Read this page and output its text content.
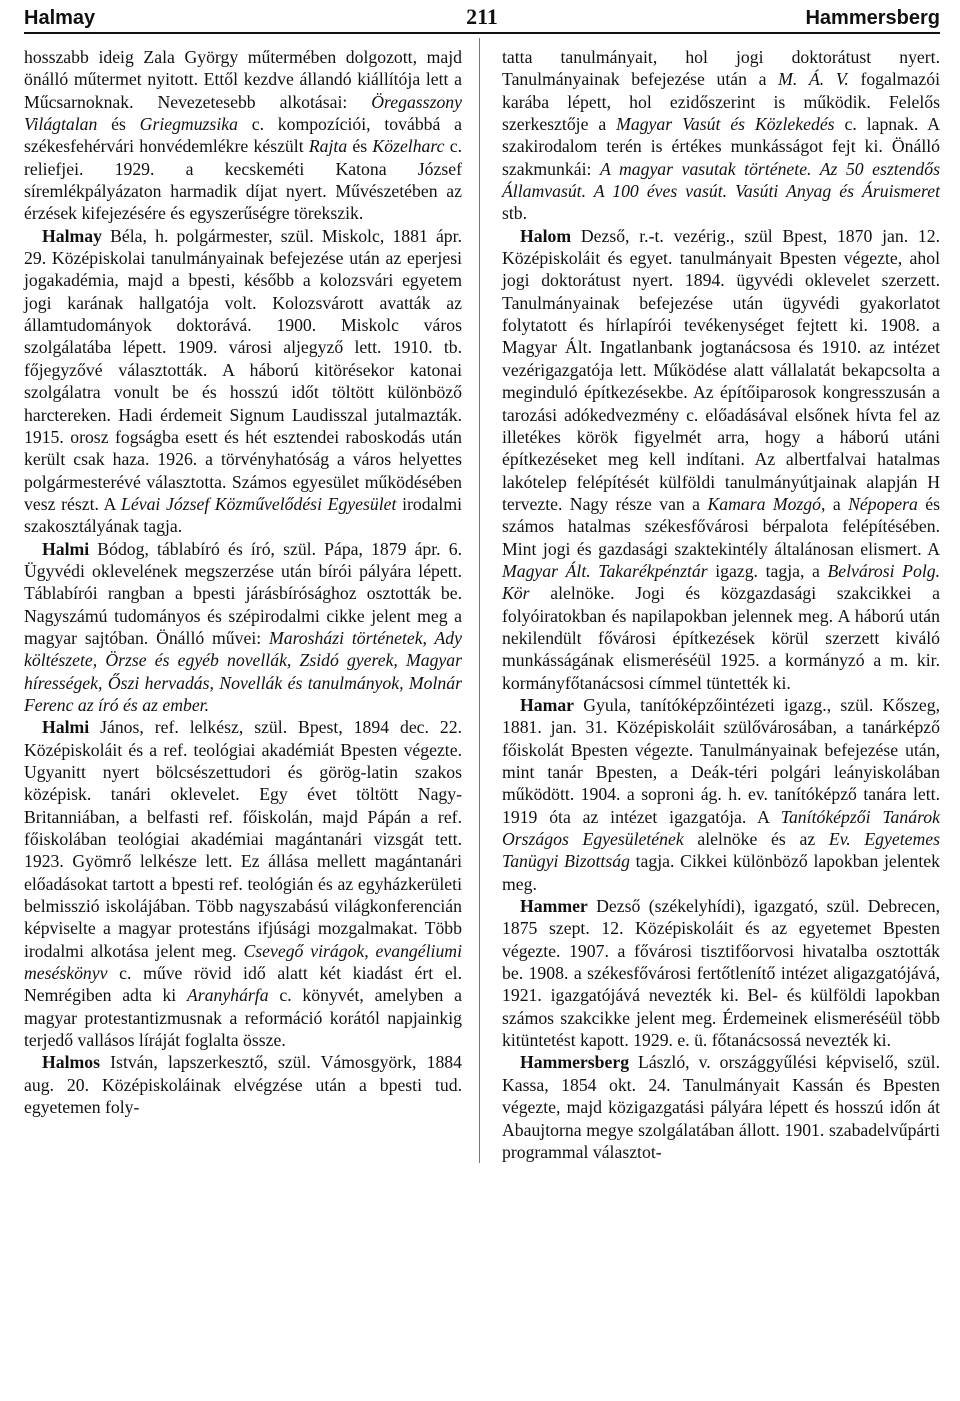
Halmay	211	Hammersberg

hosszabb ideig Zala György műtermében dolgozott, majd önálló műtermet nyitott. Ettől kezdve állandó kiállítója lett a Műcsarnoknak. Nevezetesebb alkotásai: Öregasszony Világtalan és Griegmuzsika c. kompozíciói, továbbá a székesfehérvári honvédemlékre készült Rajta és Közelharc c. reliefjei. 1929. a kecskeméti Katona József síremlékpályázaton harmadik díjat nyert. Művészetében az érzések kifejezésére és egyszerűségre törekszik.

Halmay Béla, h. polgármester, szül. Miskolc, 1881 ápr. 29. Középiskolai tanulmányainak befejezése után az eperjesi jogakadémia, majd a bpesti, később a kolozsvári egyetem jogi karának hallgatója volt. Kolozsvárott avatták az államtudományok doktorává. 1900. Miskolc város szolgálatába lépett. 1909. városi aljegyző lett. 1910. tb. főjegyzővé választották. A háború kitörésekor katonai szolgálatra vonult be és hosszú időt töltött különböző harctereken. Hadi érdemeit Signum Laudisszal jutalmazták. 1915. orosz fogságba esett és hét esztendei raboskodás után került csak haza. 1926. a törvényhatóság a város helyettes polgármesterévé választotta. Számos egyesület működésében vesz részt. A Lévai József Közművelődési Egyesület irodalmi szakosztályának tagja.

Halmi Bódog, táblabíró és író, szül. Pápa, 1879 ápr. 6. Ügyvédi oklevelének megszerzése után bírói pályára lépett. Táblabírói rangban a bpesti járásbírósághoz osztották be. Nagyszámú tudományos és szépirodalmi cikke jelent meg a magyar sajtóban. Önálló művei: Marosházi történetek, Ady költészete, Örzse és egyéb novellák, Zsidó gyerek, Magyar hírességek, Őszi hervadás, Novellák és tanulmányok, Molnár Ferenc az író és az ember.

Halmi János, ref. lelkész, szül. Bpest, 1894 dec. 22. Középiskoláit és a ref. teológiai akadémiát Bpesten végezte. Ugyanitt nyert bölcsészettudori és görög-latin szakos középisk. tanári oklevelet. Egy évet töltött Nagy-Britanniában, a belfasti ref. főiskolán, majd Pápán a ref. főiskolában teológiai akadémiai magántanári vizsgát tett. 1923. Gyömrő lelkésze lett. Ez állása mellett magántanári előadásokat tartott a bpesti ref. teológián és az egyházkerületi belmisszió iskolájában. Több nagyszabású világkonferencián képviselte a magyar protestáns ifjúsági mozgalmakat. Több irodalmi alkotása jelent meg. Csevegő virágok, evangéliumi meséskönyv c. műve rövid idő alatt két kiadást ért el. Nemrégiben adta ki Aranyhárfa c. könyvét, amelyben a magyar protestantizmusnak a reformáció korától napjainkig terjedő vallásos líráját foglalta össze.

Halmos István, lapszerkesztő, szül. Vámosgyörk, 1884 aug. 20. Középiskoláinak elvégzése után a bpesti tud. egyetemen foly-

tatta tanulmányait, hol jogi doktorátust nyert. Tanulmányainak befejezése után a M. Á. V. fogalmazói karába lépett, hol ezidőszerint is működik. Felelős szerkesztője a Magyar Vasút és Közlekedés c. lapnak. A szakirodalom terén is értékes munkásságot fejt ki. Önálló szakmunkái: A magyar vasutak története. Az 50 esztendős Államvasút. A 100 éves vasút. Vasúti Anyag és Áruismeret stb.

Halom Dezső, r.-t. vezérig., szül Bpest, 1870 jan. 12. Középiskoláit és egyet. tanulmányait Bpesten végezte, ahol jogi doktorátust nyert. 1894. ügyvédi oklevelet szerzett. Tanulmányainak befejezése után ügyvédi gyakorlatot folytatott és hírlapírói tevékenységet fejtett ki. 1908. a Magyar Ált. Ingatlanbank jogtanácsosa és 1910. az intézet vezérigazgatója lett. Működése alatt vállalatát bekapcsolta a meginduló építkezésekbe. Az építőiparosok kongresszusán a tarozási adókedvezmény c. előadásával elsőnek hívta fel az illetékes körök figyelmét arra, hogy a háború utáni építkezéseket meg kell indítani. Az albertfalvai hatalmas lakótelep felépítését külföldi tanulmányútjainak alapján H tervezte. Nagy része van a Kamara Mozgó, a Népopera és számos hatalmas székesfővárosi bérpalota felépítésében. Mint jogi és gazdasági szaktekintély általánosan elismert. A Magyar Ált. Takarékpénztár igazg. tagja, a Belvárosi Polg. Kör alelnöke. Jogi és közgazdasági szakcikkei a folyóiratokban és napilapokban jelennek meg. A háború után nekilendült fővárosi építkezések körül szerzett kiváló munkásságának elismeréséül 1925. a kormányzó a m. kir. kormányfőtanácsosi címmel tüntették ki.

Hamar Gyula, tanítóképzőintézeti igazg., szül. Kőszeg, 1881. jan. 31. Középiskoláit szülővárosában, a tanárképző főiskolát Bpesten végezte. Tanulmányainak befejezése után, mint tanár Bpesten, a Deák-téri polgári leányiskolában működött. 1904. a soproni ág. h. ev. tanítóképző tanára lett. 1919 óta az intézet igazgatója. A Tanítóképzői Tanárok Országos Egyesületének alelnöke és az Ev. Egyetemes Tanügyi Bizottság tagja. Cikkei különböző lapokban jelentek meg.

Hammer Dezső (székelyhídi), igazgató, szül. Debrecen, 1875 szept. 12. Középiskoláit és az egyetemet Bpesten végezte. 1907. a fővárosi tisztifőorvosi hivatalba osztották be. 1908. a székesfővárosi fertőtlenítő intézet aligazgatójává, 1921. igazgatójává nevezték ki. Bel- és külföldi lapokban számos szakcikke jelent meg. Érdemeinek elismeréséül több kitüntetést kapott. 1929. e. ü. főtanácsossá nevezték ki.

Hammersberg László, v. országgyűlési képviselő, szül. Kassa, 1854 okt. 24. Tanulmányait Kassán és Bpesten végezte, majd közigazgatási pályára lépett és hosszú időn át Abaujtorna megye szolgálatában állott. 1901. szabadelvűpárti programmal választot-
